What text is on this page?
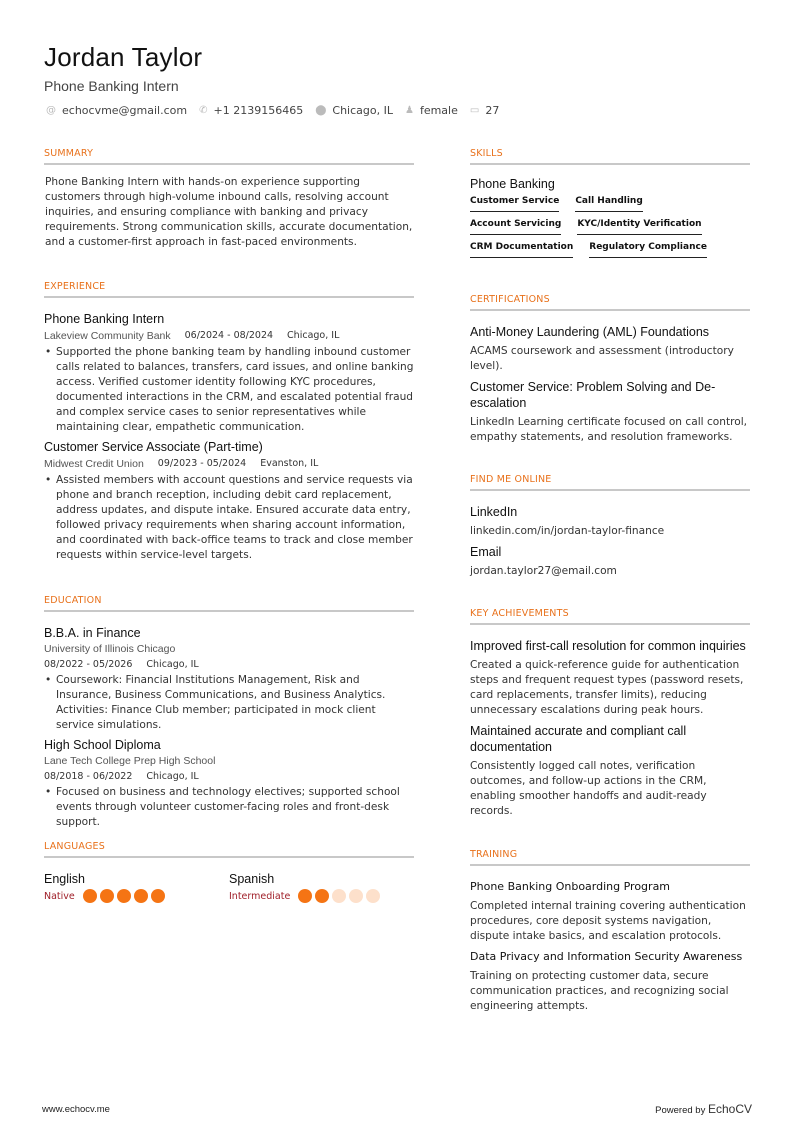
Jordan Taylor
Phone Banking Intern
@ echocvme@gmail.com ✆ +1 2139156465 ⬤ Chicago, IL ♟ female ▭ 27
SUMMARY
Phone Banking Intern with hands-on experience supporting customers through high-volume inbound calls, resolving account inquiries, and ensuring compliance with banking and privacy requirements. Strong communication skills, accurate documentation, and a customer-first approach in fast-paced environments.
EXPERIENCE
Phone Banking Intern
Lakeview Community Bank 06/2024 - 08/2024 Chicago, IL
• Supported the phone banking team by handling inbound customer calls related to balances, transfers, card issues, and online banking access. Verified customer identity following KYC procedures, documented interactions in the CRM, and escalated potential fraud and complex service cases to senior representatives while maintaining clear, empathetic communication.
Customer Service Associate (Part-time)
Midwest Credit Union 09/2023 - 05/2024 Evanston, IL
• Assisted members with account questions and service requests via phone and branch reception, including debit card replacement, address updates, and dispute intake. Ensured accurate data entry, followed privacy requirements when sharing account information, and coordinated with back-office teams to track and close member requests within service-level targets.
EDUCATION
B.B.A. in Finance
University of Illinois Chicago
08/2022 - 05/2026 Chicago, IL
• Coursework: Financial Institutions Management, Risk and Insurance, Business Communications, and Business Analytics. Activities: Finance Club member; participated in mock client service simulations.
High School Diploma
Lane Tech College Prep High School
08/2018 - 06/2022 Chicago, IL
• Focused on business and technology electives; supported school events through volunteer customer-facing roles and front-desk support.
LANGUAGES
English
Native
Spanish
Intermediate
SKILLS
Phone Banking
Customer Service Call Handling
Account Servicing KYC/Identity Verification
CRM Documentation Regulatory Compliance
CERTIFICATIONS
Anti-Money Laundering (AML) Foundations
ACAMS coursework and assessment (introductory level).
Customer Service: Problem Solving and De-escalation
LinkedIn Learning certificate focused on call control, empathy statements, and resolution frameworks.
FIND ME ONLINE
LinkedIn
linkedin.com/in/jordan-taylor-finance
Email
jordan.taylor27@email.com
KEY ACHIEVEMENTS
Improved first-call resolution for common inquiries
Created a quick-reference guide for authentication steps and frequent request types (password resets, card replacements, transfer limits), reducing unnecessary escalations during peak hours.
Maintained accurate and compliant call documentation
Consistently logged call notes, verification outcomes, and follow-up actions in the CRM, enabling smoother handoffs and audit-ready records.
TRAINING
Phone Banking Onboarding Program
Completed internal training covering authentication procedures, core deposit systems navigation, dispute intake basics, and escalation protocols.
Data Privacy and Information Security Awareness
Training on protecting customer data, secure communication practices, and recognizing social engineering attempts.
www.echocv.me	Powered by EchoCV
